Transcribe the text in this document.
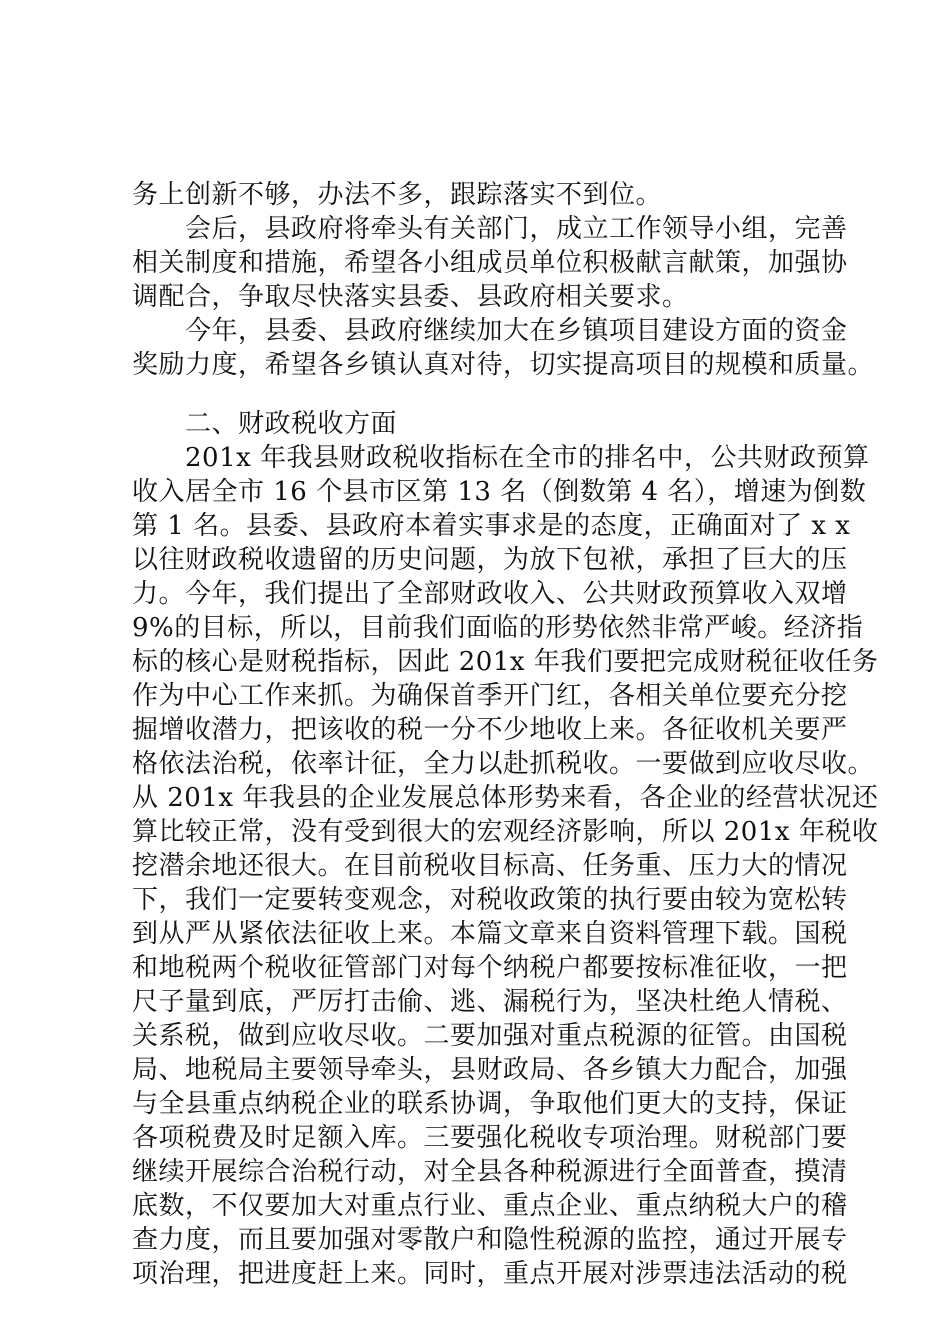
务上创新不够，办法不多，跟踪落实不到位。
　　会后，县政府将牵头有关部门，成立工作领导小组，完善
相关制度和措施，希望各小组成员单位积极献言献策，加强协
调配合，争取尽快落实县委、县政府相关要求。
　　今年，县委、县政府继续加大在乡镇项目建设方面的资金
奖励力度，希望各乡镇认真对待，切实提高项目的规模和质量。
　　二、财政税收方面
　　201x 年我县财政税收指标在全市的排名中，公共财政预算
收入居全市 16 个县市区第 13 名（倒数第 4 名），增速为倒数
第 1 名。县委、县政府本着实事求是的态度，正确面对了 x x
以往财政税收遗留的历史问题，为放下包袱，承担了巨大的压
力。今年，我们提出了全部财政收入、公共财政预算收入双增
9%的目标，所以，目前我们面临的形势依然非常严峻。经济指
标的核心是财税指标，因此 201x 年我们要把完成财税征收任务
作为中心工作来抓。为确保首季开门红，各相关单位要充分挖
掘增收潜力，把该收的税一分不少地收上来。各征收机关要严
格依法治税，依率计征，全力以赴抓税收。一要做到应收尽收。
从 201x 年我县的企业发展总体形势来看，各企业的经营状况还
算比较正常，没有受到很大的宏观经济影响，所以 201x 年税收
挖潜余地还很大。在目前税收目标高、任务重、压力大的情况
下，我们一定要转变观念，对税收政策的执行要由较为宽松转
到从严从紧依法征收上来。本篇文章来自资料管理下载。国税
和地税两个税收征管部门对每个纳税户都要按标准征收，一把
尺子量到底，严厉打击偷、逃、漏税行为，坚决杜绝人情税、
关系税，做到应收尽收。二要加强对重点税源的征管。由国税
局、地税局主要领导牵头，县财政局、各乡镇大力配合，加强
与全县重点纳税企业的联系协调，争取他们更大的支持，保证
各项税费及时足额入库。三要强化税收专项治理。财税部门要
继续开展综合治税行动，对全县各种税源进行全面普查，摸清
底数，不仅要加大对重点行业、重点企业、重点纳税大户的稽
查力度，而且要加强对零散户和隐性税源的监控，通过开展专
项治理，把进度赶上来。同时，重点开展对涉票违法活动的税
